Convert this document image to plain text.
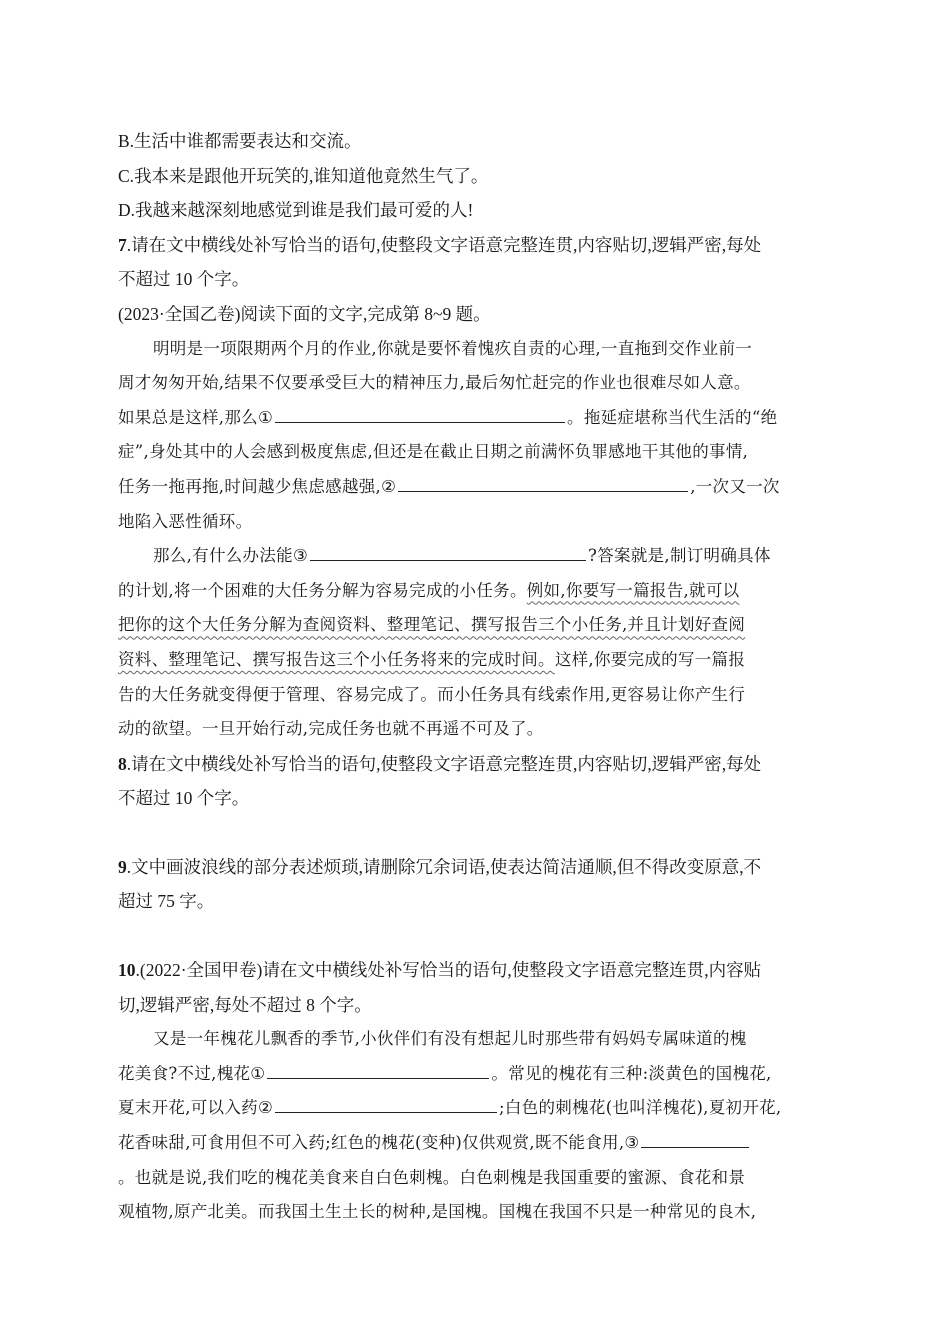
B.生活中谁都需要表达和交流。
C.我本来是跟他开玩笑的,谁知道他竟然生气了。
D.我越来越深刻地感觉到谁是我们最可爱的人!
7.请在文中横线处补写恰当的语句,使整段文字语意完整连贯,内容贴切,逻辑严密,每处
不超过 10 个字。
(2023·全国乙卷)阅读下面的文字,完成第 8~9 题。
明明是一项限期两个月的作业,你就是要怀着愧疚自责的心理,一直拖到交作业前一
周才匆匆开始,结果不仅要承受巨大的精神压力,最后匆忙赶完的作业也很难尽如人意。
如果总是这样,那么①	。拖延症堪称当代生活的“绝
症”,身处其中的人会感到极度焦虑,但还是在截止日期之前满怀负罪感地干其他的事情,
任务一拖再拖,时间越少焦虑感越强,②	,一次又一次
地陷入恶性循环。
那么,有什么办法能③	?答案就是,制订明确具体
的计划,将一个困难的大任务分解为容易完成的小任务。例如,你要写一篇报告,就可以
把你的这个大任务分解为查阅资料、整理笔记、撰写报告三个小任务,并且计划好查阅
资料、整理笔记、撰写报告这三个小任务将来的完成时间。这样,你要完成的写一篇报
告的大任务就变得便于管理、容易完成了。而小任务具有线索作用,更容易让你产生行
动的欲望。一旦开始行动,完成任务也就不再遥不可及了。
8.请在文中横线处补写恰当的语句,使整段文字语意完整连贯,内容贴切,逻辑严密,每处
不超过 10 个字。
9.文中画波浪线的部分表述烦琐,请删除冗余词语,使表达简洁通顺,但不得改变原意,不
超过 75 字。
10.(2022·全国甲卷)请在文中横线处补写恰当的语句,使整段文字语意完整连贯,内容贴
切,逻辑严密,每处不超过 8 个字。
又是一年槐花儿飘香的季节,小伙伴们有没有想起儿时那些带有妈妈专属味道的槐
花美食?不过,槐花①	。常见的槐花有三种:淡黄色的国槐花,
夏末开花,可以入药②	;白色的刺槐花(也叫洋槐花),夏初开花,
花香味甜,可食用但不可入药;红色的槐花(变种)仅供观赏,既不能食用,③
。也就是说,我们吃的槐花美食来自白色刺槐。白色刺槐是我国重要的蜜源、食花和景
观植物,原产北美。而我国土生土长的树种,是国槐。国槐在我国不只是一种常见的良木,
